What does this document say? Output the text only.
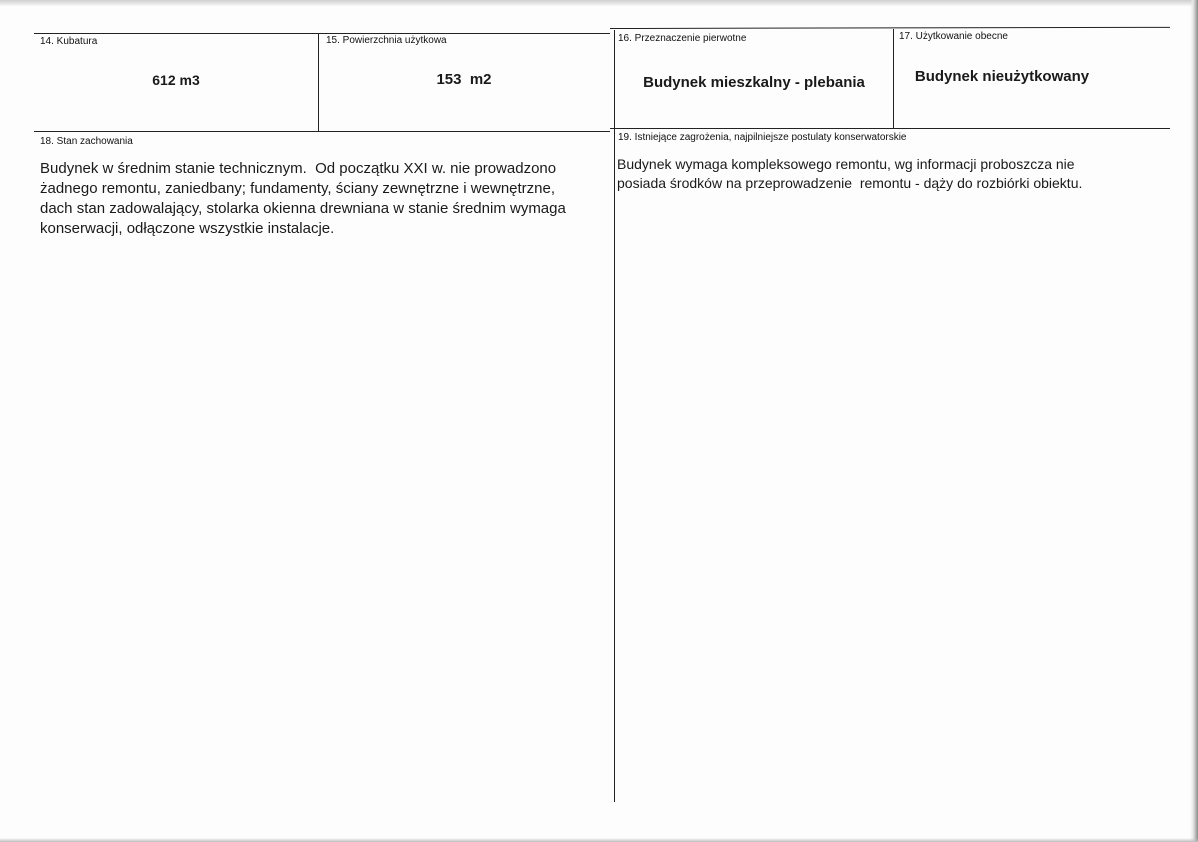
14. Kubatura
612 m3
15. Powierzchnia użytkowa
153  m2
16. Przeznaczenie pierwotne
Budynek mieszkalny - plebania
17. Użytkowanie obecne
Budynek nieużytkowany
18. Stan zachowania
Budynek w średnim stanie technicznym.  Od początku XXI w. nie prowadzono
żadnego remontu, zaniedbany; fundamenty, ściany zewnętrzne i wewnętrzne,
dach stan zadowalający, stolarka okienna drewniana w stanie średnim wymaga
konserwacji, odłączone wszystkie instalacje.
19. Istniejące zagrożenia, najpilniejsze postulaty konserwatorskie
Budynek wymaga kompleksowego remontu, wg informacji proboszcza nie
posiada środków na przeprowadzenie  remontu - dąży do rozbiórki obiektu.
